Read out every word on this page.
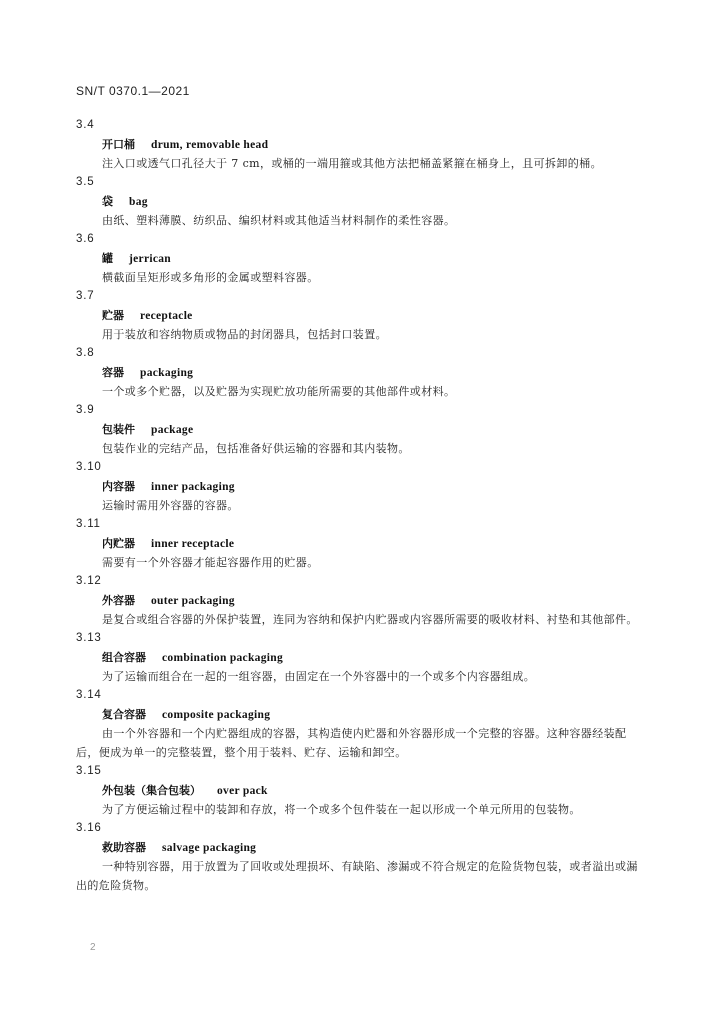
SN/T 0370.1—2021
3.4
开口桶 drum, removable head
注入口或透气口孔径大于 7 cm，或桶的一端用箍或其他方法把桶盖紧箍在桶身上，且可拆卸的桶。
3.5
袋 bag
由纸、塑料薄膜、纺织品、编织材料或其他适当材料制作的柔性容器。
3.6
罐 jerrican
横截面呈矩形或多角形的金属或塑料容器。
3.7
贮器 receptacle
用于装放和容纳物质或物品的封闭器具，包括封口装置。
3.8
容器 packaging
一个或多个贮器，以及贮器为实现贮放功能所需要的其他部件或材料。
3.9
包装件 package
包装作业的完结产品，包括准备好供运输的容器和其内装物。
3.10
内容器 inner packaging
运输时需用外容器的容器。
3.11
内贮器 inner receptacle
需要有一个外容器才能起容器作用的贮器。
3.12
外容器 outer packaging
是复合或组合容器的外保护装置，连同为容纳和保护内贮器或内容器所需要的吸收材料、衬垫和其他部件。
3.13
组合容器 combination packaging
为了运输而组合在一起的一组容器，由固定在一个外容器中的一个或多个内容器组成。
3.14
复合容器 composite packaging
由一个外容器和一个内贮器组成的容器，其构造使内贮器和外容器形成一个完整的容器。这种容器经装配后，便成为单一的完整装置，整个用于装料、贮存、运输和卸空。
3.15
外包装（集合包装） over pack
为了方便运输过程中的装卸和存放，将一个或多个包件装在一起以形成一个单元所用的包装物。
3.16
救助容器 salvage packaging
一种特别容器，用于放置为了回收或处理损坏、有缺陷、渗漏或不符合规定的危险货物包装，或者溢出或漏出的危险货物。
2
